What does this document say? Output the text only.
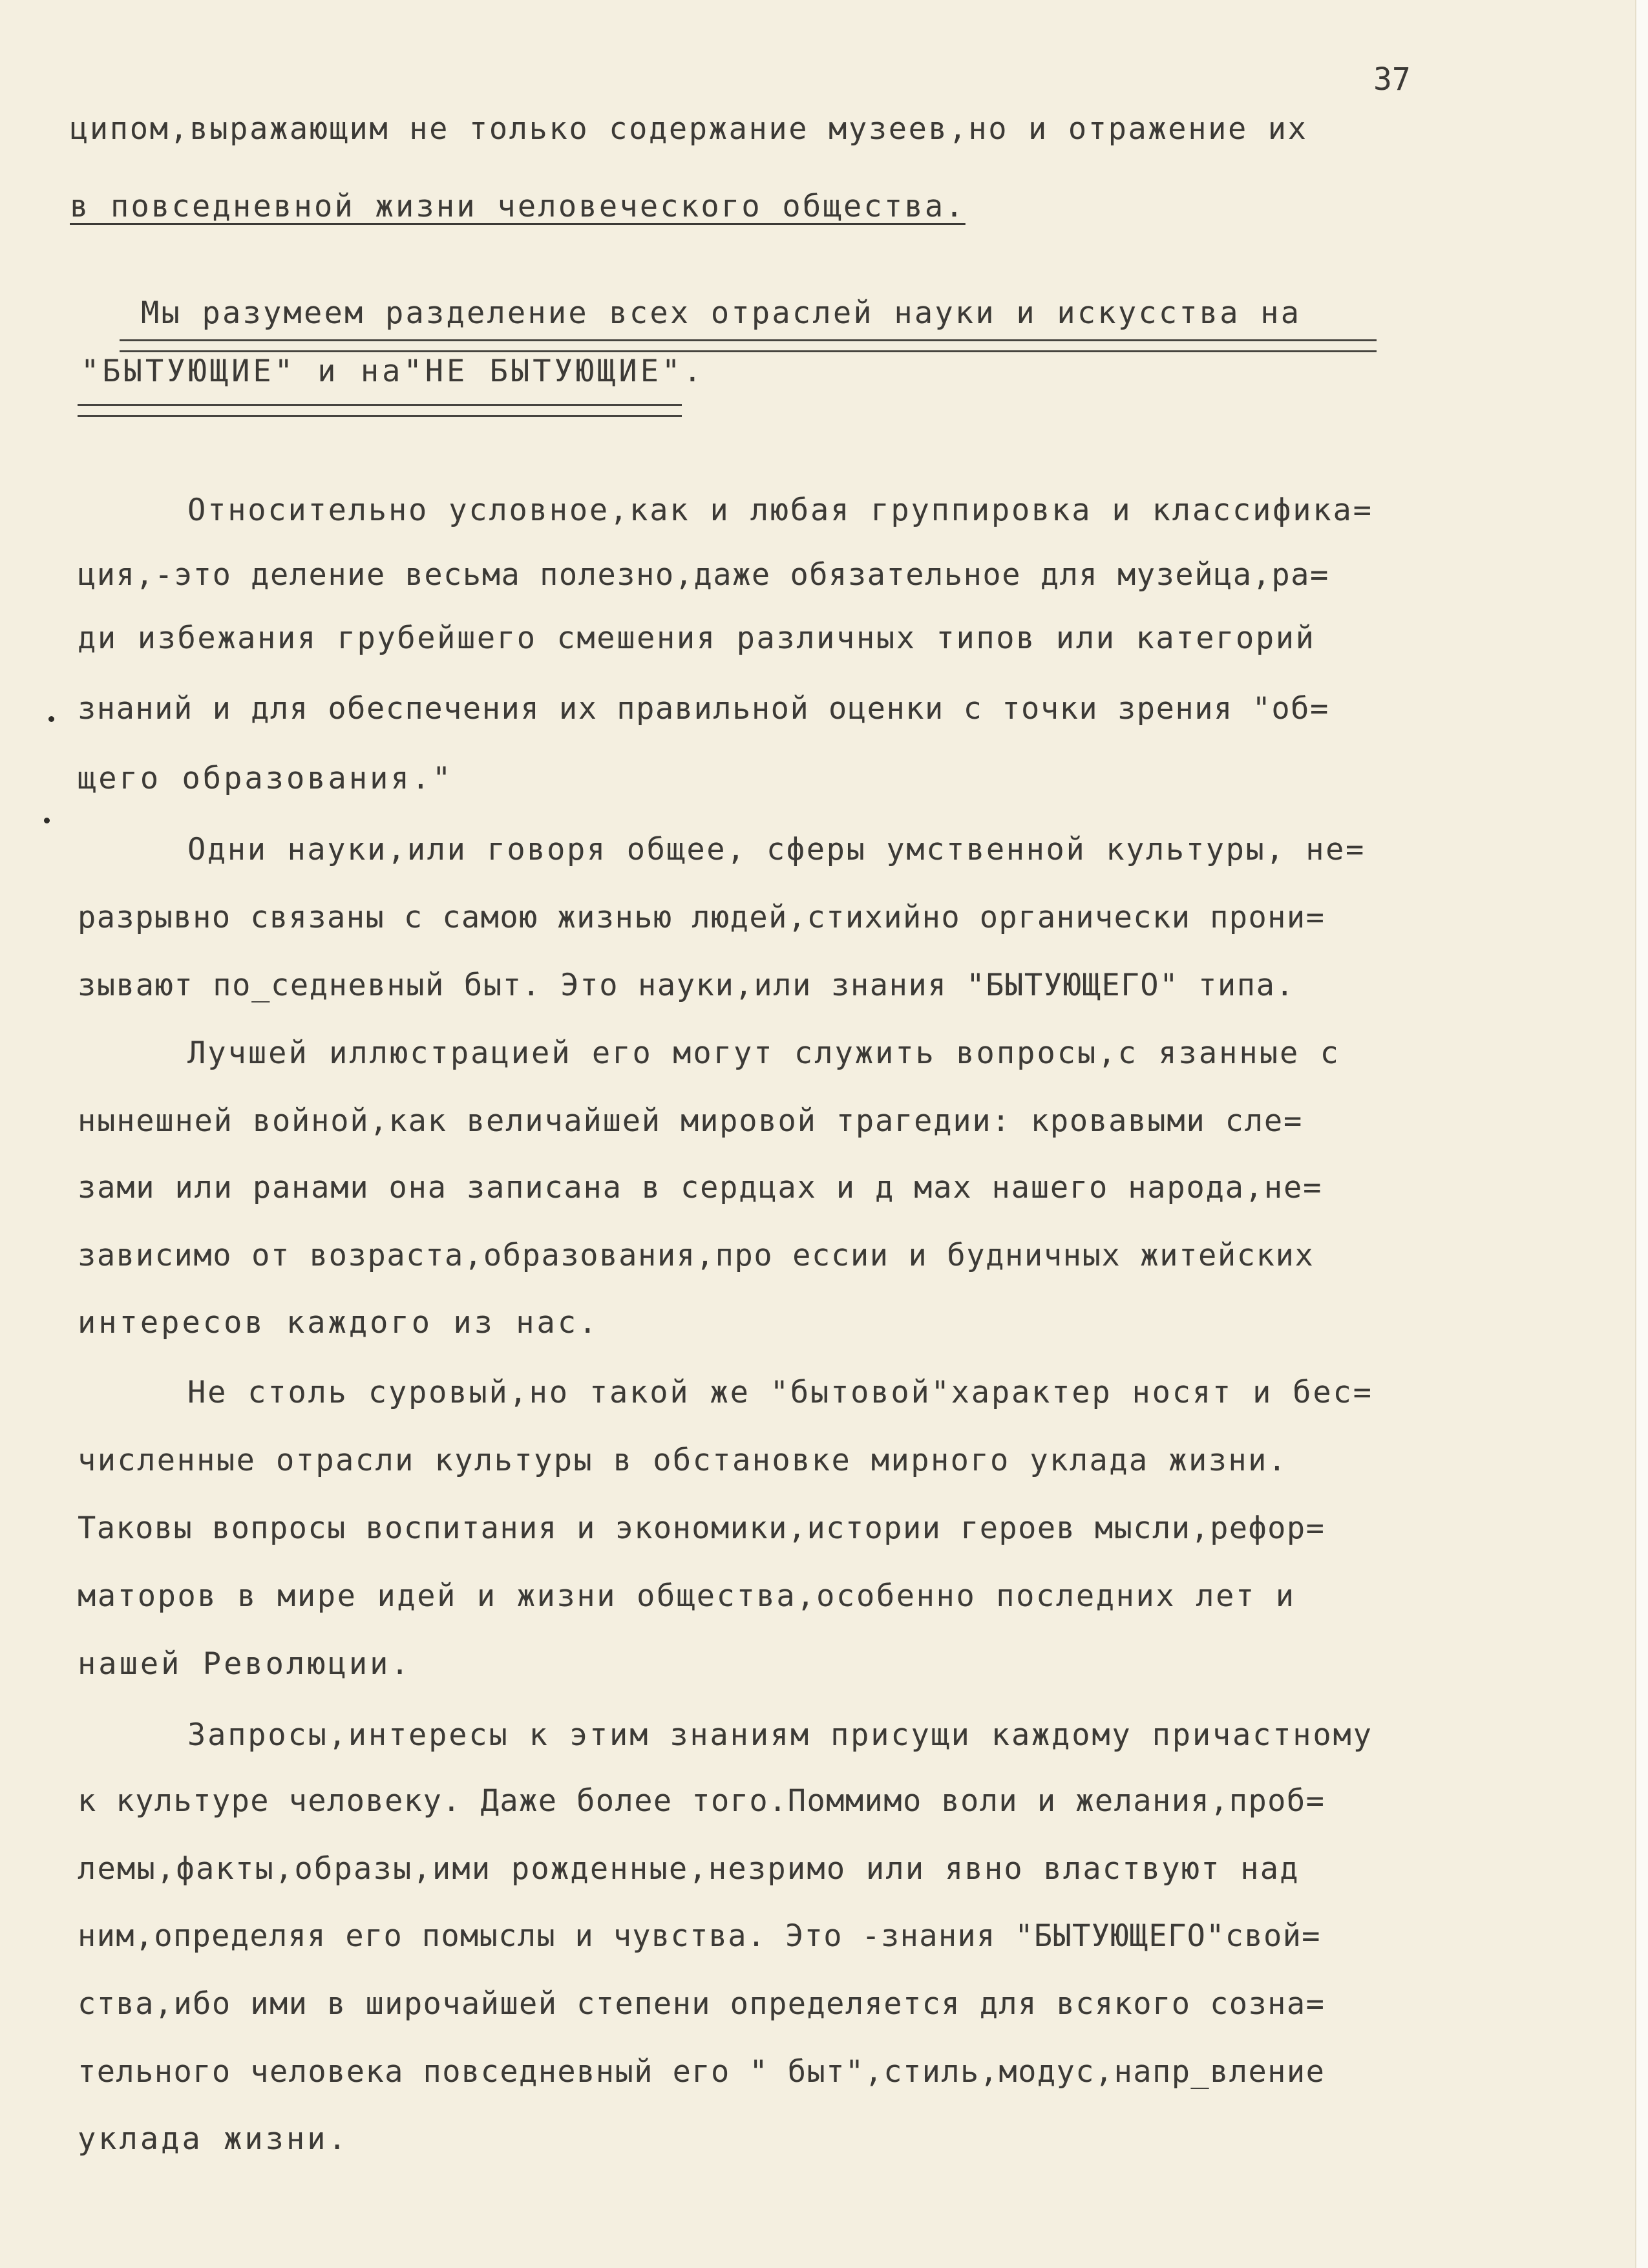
37

ципом,выражающим не только содержание музеев,но и отражение их

в повседневной жизни человеческого общества.

Мы разумеем разделение всех отраслей науки и искусства на

"БЫТУЮЩИЕ" и на"НЕ БЫТУЮЩИЕ".

Относительно условное,как и любая группировка и классифика=

ция,-это деление весьма полезно,даже обязательное для музейца,ра=

ди избежания грубейшего смешения различных типов или категорий

знаний и для обеспечения их правильной оценки с точки зрения "об=

щего образования."

Одни науки,или говоря общее, сферы умственной культуры, не=

разрывно связаны с самою жизнью людей,стихийно органически прони=

зывают по_седневный быт. Это науки,или знания "БЫТУЮЩЕГО" типа.

Лучшей иллюстрацией его могут служить вопросы,с язанные с

нынешней войной,как величайшей мировой трагедии: кровавыми сле=

зами или ранами она записана в сердцах и д мах нашего народа,не=

зависимо от возраста,образования,про ессии и будничных житейских

интересов каждого из нас.

Не столь суровый,но такой же "бытовой"характер носят и бес=

численные отрасли культуры в обстановке мирного уклада жизни.

Таковы вопросы воспитания и экономики,истории героев мысли,рефор=

маторов в мире идей и жизни общества,особенно последних лет и

нашей Революции.

Запросы,интересы к этим знаниям присущи каждому причастному

к культуре человеку. Даже более того.Поммимо воли и желания,проб=

лемы,факты,образы,ими рожденные,незримо или явно властвуют над

ним,определяя его помыслы и чувства. Это -знания "БЫТУЮЩЕГО"свой=

ства,ибо ими в широчайшей степени определяется для всякого созна=

тельного человека повседневный его " быт",стиль,модус,напр_вление

уклада жизни.
